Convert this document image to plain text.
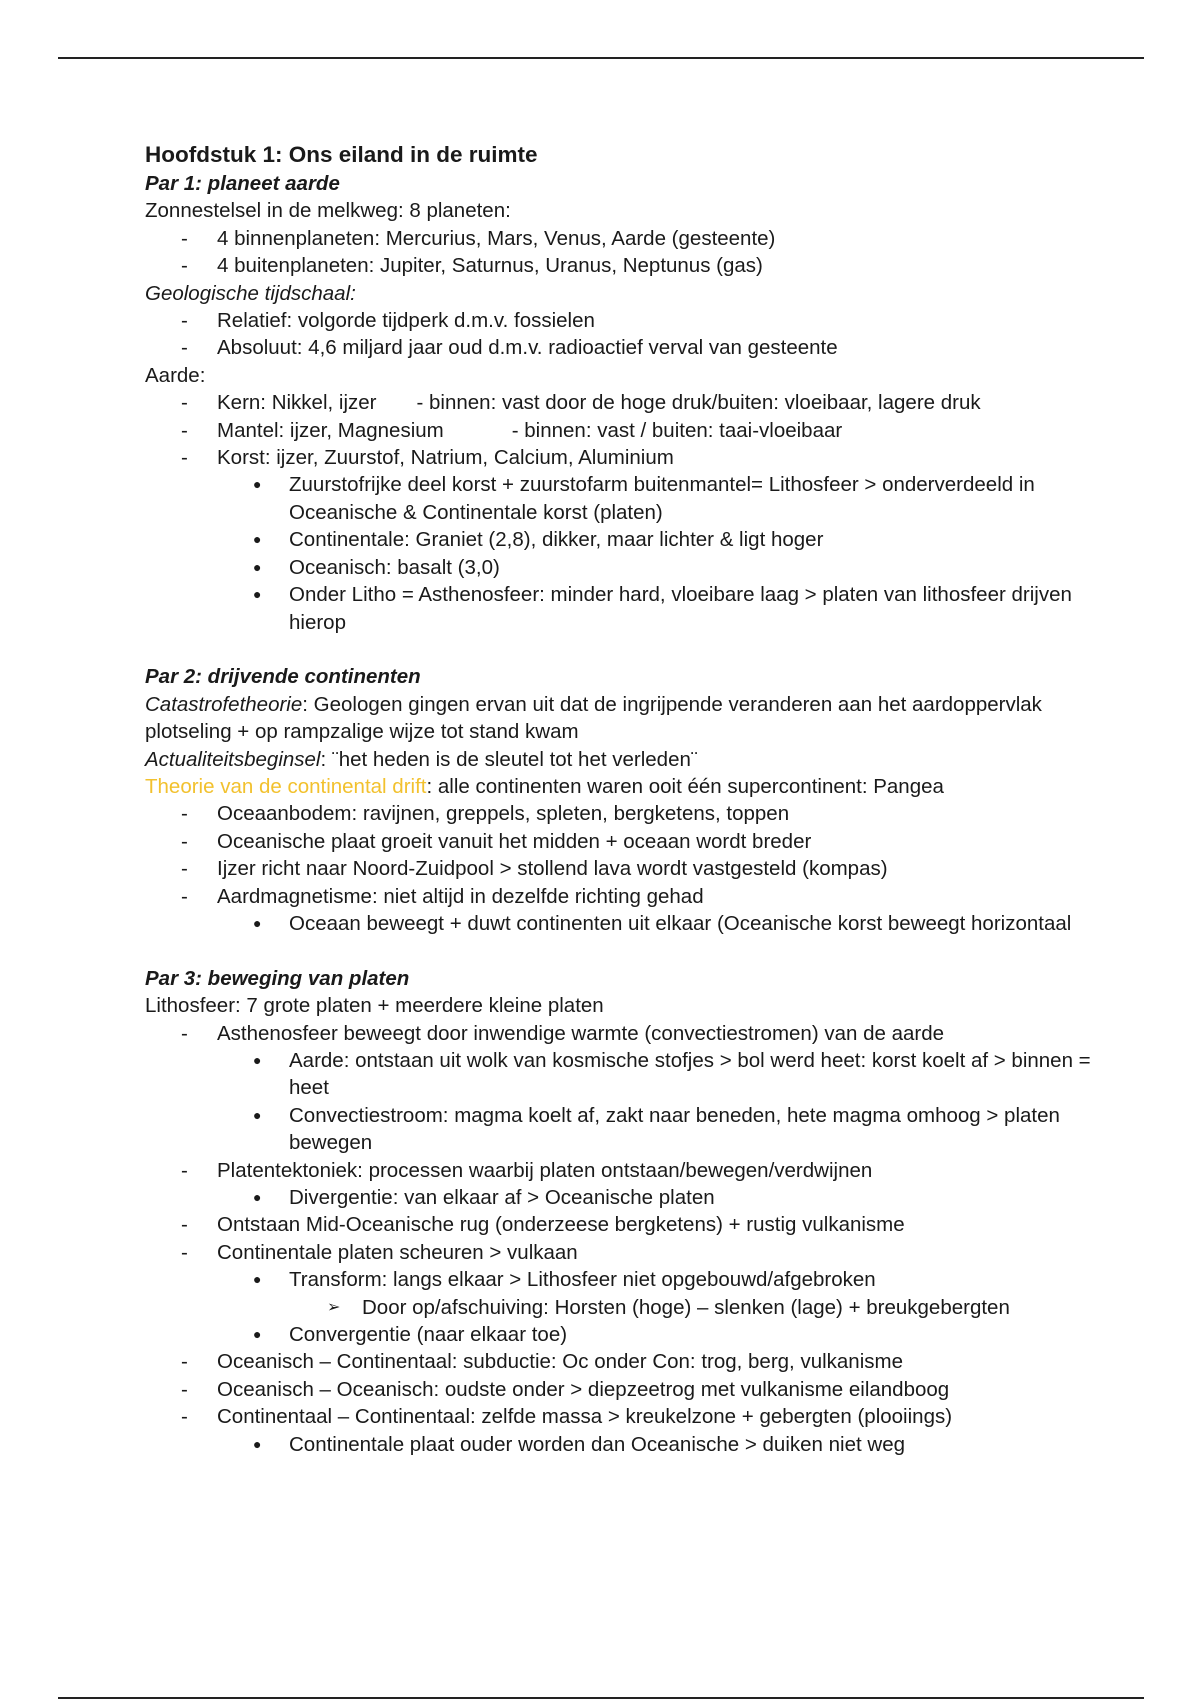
Hoofdstuk 1: Ons eiland in de ruimte
Par 1: planeet aarde

Zonnestelsel in de melkweg: 8 planeten:

- 4 binnenplaneten: Mercurius, Mars, Venus, Aarde (gesteente)
- 4 buitenplaneten: Jupiter, Saturnus, Uranus, Neptunus (gas)

Geologische tijdschaal:

- Relatief: volgorde tijdperk d.m.v. fossielen
- Absoluut: 4,6 miljard jaar oud d.m.v. radioactief verval van gesteente

Aarde:

- Kern: Nikkel, ijzer - binnen: vast door de hoge druk/buiten: vloeibaar, lagere druk
- Mantel: ijzer, Magnesium	- binnen: vast / buiten: taai-vloeibaar
- Korst: ijzer, Zuurstof, Natrium, Calcium, Aluminium
● Zuurstofrijke deel korst + zuurstofarm buitenmantel= Lithosfeer > onderverdeeld in Oceanische & Continentale korst (platen)
● Continentale: Graniet (2,8), dikker, maar lichter & ligt hoger
● Oceanisch: basalt (3,0)
● Onder Litho = Asthenosfeer: minder hard, vloeibare laag > platen van lithosfeer drijven hierop
Par 2: drijvende continenten

Catastrofetheorie: Geologen gingen ervan uit dat de ingrijpende veranderen aan het aardoppervlak plotseling + op rampzalige wijze tot stand kwam

Actualiteitsbeginsel: ¨het heden is de sleutel tot het verleden¨

Theorie van de continental drift: alle continenten waren ooit één supercontinent: Pangea

- Oceaanbodem: ravijnen, greppels, spleten, bergketens, toppen
- Oceanische plaat groeit vanuit het midden + oceaan wordt breder
- Ijzer richt naar Noord-Zuidpool > stollend lava wordt vastgesteld (kompas)
- Aardmagnetisme: niet altijd in dezelfde richting gehad
● Oceaan beweegt + duwt continenten uit elkaar (Oceanische korst beweegt horizontaal
Par 3: beweging van platen

Lithosfeer: 7 grote platen + meerdere kleine platen

- Asthenosfeer beweegt door inwendige warmte (convectiestromen) van de aarde
● Aarde: ontstaan uit wolk van kosmische stofjes > bol werd heet: korst koelt af > binnen = heet
● Convectiestroom: magma koelt af, zakt naar beneden, hete magma omhoog > platen bewegen
- Platentektoniek: processen waarbij platen ontstaan/bewegen/verdwijnen
● Divergentie: van elkaar af > Oceanische platen
- Ontstaan Mid-Oceanische rug (onderzeese bergketens) + rustig vulkanisme
- Continentale platen scheuren > vulkaan
● Transform: langs elkaar > Lithosfeer niet opgebouwd/afgebroken
➢ Door op/afschuiving: Horsten (hoge) – slenken (lage) + breukgebergten
● Convergentie (naar elkaar toe)
- Oceanisch – Continentaal: subductie: Oc onder Con: trog, berg, vulkanisme
- Oceanisch – Oceanisch: oudste onder > diepzeetrog met vulkanisme eilandboog
- Continentaal – Continentaal: zelfde massa > kreukelzone + gebergten (plooiings)
● Continentale plaat ouder worden dan Oceanische > duiken niet weg
